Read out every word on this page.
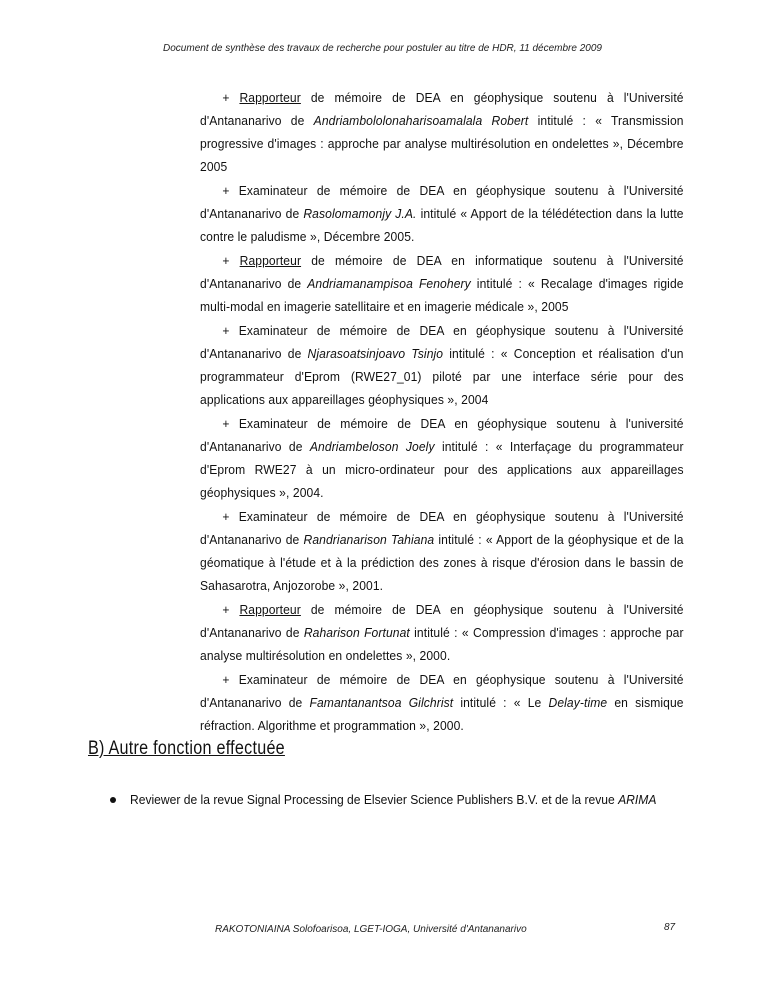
Document de synthèse des travaux de recherche pour postuler au titre de HDR, 11 décembre 2009

+ Rapporteur de mémoire de DEA en géophysique soutenu à l'Université d'Antananarivo de Andriambololonaharisoamalala Robert intitulé : « Transmission progressive d'images : approche par analyse multirésolution en ondelettes », Décembre 2005

+ Examinateur de mémoire de DEA en géophysique soutenu à l'Université d'Antananarivo de Rasolomamonjy J.A. intitulé « Apport de la télédétection dans la lutte contre le paludisme », Décembre 2005.

+ Rapporteur de mémoire de DEA en informatique soutenu à l'Université d'Antananarivo de Andriamanampisoa Fenohery intitulé : « Recalage d'images rigide multi-modal en imagerie satellitaire et en imagerie médicale », 2005

+ Examinateur de mémoire de DEA en géophysique soutenu à l'Université d'Antananarivo de Njarasoatsinjoavo Tsinjo intitulé : « Conception et réalisation d'un programmateur d'Eprom (RWE27_01) piloté par une interface série pour des applications aux appareillages géophysiques », 2004

+ Examinateur de mémoire de DEA en géophysique soutenu à l'université d'Antananarivo de Andriambeloson Joely intitulé : « Interfaçage du programmateur d'Eprom RWE27 à un micro-ordinateur pour des applications aux appareillages géophysiques », 2004.

+ Examinateur de mémoire de DEA en géophysique soutenu à l'Université d'Antananarivo de Randrianarison Tahiana intitulé : « Apport de la géophysique et de la géomatique à l'étude et à la prédiction des zones à risque d'érosion dans le bassin de Sahasarotra, Anjozorobe », 2001.

+ Rapporteur de mémoire de DEA en géophysique soutenu à l'Université d'Antananarivo de Raharison Fortunat intitulé : « Compression d'images : approche par analyse multirésolution en ondelettes », 2000.

+ Examinateur de mémoire de DEA en géophysique soutenu à l'Université d'Antananarivo de Famantanantsoa Gilchrist intitulé : « Le Delay-time en sismique réfraction. Algorithme et programmation », 2000.

B) Autre fonction effectuée
Reviewer de la revue Signal Processing de Elsevier Science Publishers B.V. et de la revue ARIMA
RAKOTONIAINA Solofoarisoa, LGET-IOGA, Université d'Antananarivo	87
